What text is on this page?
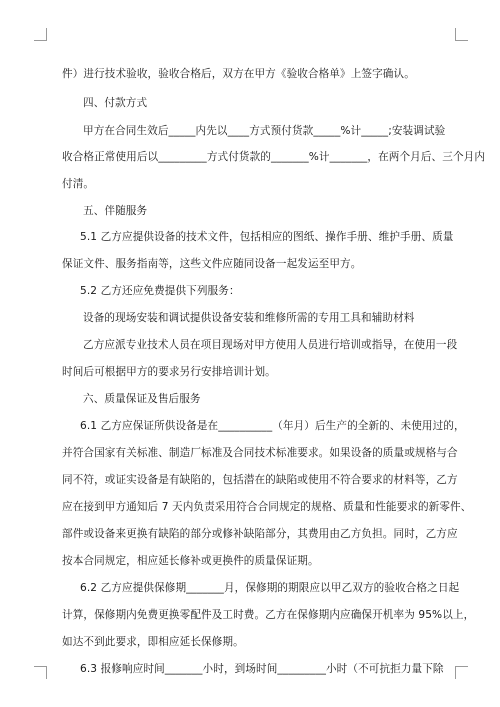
件）进行技术验收，验收合格后，双方在甲方《验收合格单》上签字确认。
四、付款方式
甲方在合同生效后_____内先以____方式预付货款_____%计_____;安装调试验
收合格正常使用后以_________方式付货款的_______%计_______，在两个月后、三个月内
付清。
五、伴随服务
5.1 乙方应提供设备的技术文件，包括相应的图纸、操作手册、维护手册、质量
保证文件、服务指南等，这些文件应随同设备一起发运至甲方。
5.2 乙方还应免费提供下列服务：
设备的现场安装和调试提供设备安装和维修所需的专用工具和辅助材料
乙方应派专业技术人员在项目现场对甲方使用人员进行培训或指导，在使用一段
时间后可根据甲方的要求另行安排培训计划。
六、质量保证及售后服务
6.1 乙方应保证所供设备是在__________（年月）后生产的全新的、未使用过的，
并符合国家有关标准、制造厂标准及合同技术标准要求。如果设备的质量或规格与合
同不符，或证实设备是有缺陷的，包括潜在的缺陷或使用不符合要求的材料等，乙方
应在接到甲方通知后 7 天内负责采用符合合同规定的规格、质量和性能要求的新零件、
部件或设备来更换有缺陷的部分或修补缺陷部分，其费用由乙方负担。同时，乙方应
按本合同规定，相应延长修补或更换件的质量保证期。
6.2 乙方应提供保修期_______月，保修期的期限应以甲乙双方的验收合格之日起
计算，保修期内免费更换零配件及工时费。乙方在保修期内应确保开机率为 95%以上，
如达不到此要求，即相应延长保修期。
6.3 报修响应时间_______小时，到场时间_________小时（不可抗拒力量下除
